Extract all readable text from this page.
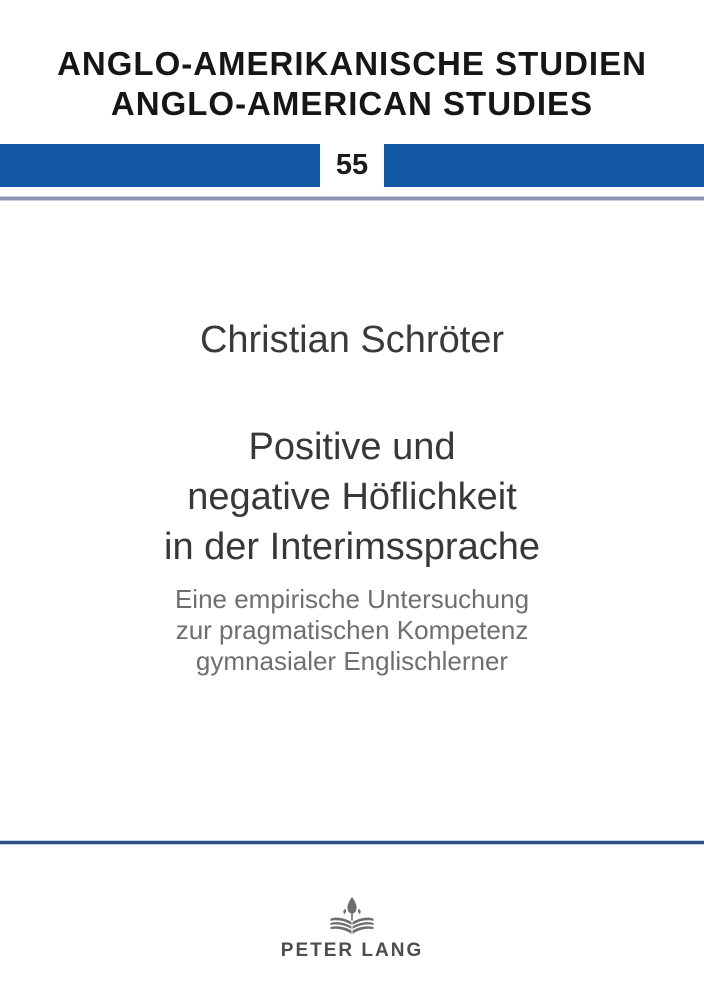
ANGLO-AMERIKANISCHE STUDIEN
ANGLO-AMERICAN STUDIES
55
Christian Schröter
Positive und
negative Höflichkeit
in der Interimssprache
Eine empirische Untersuchung
zur pragmatischen Kompetenz
gymnasialer Englischlerner
PETER LANG
